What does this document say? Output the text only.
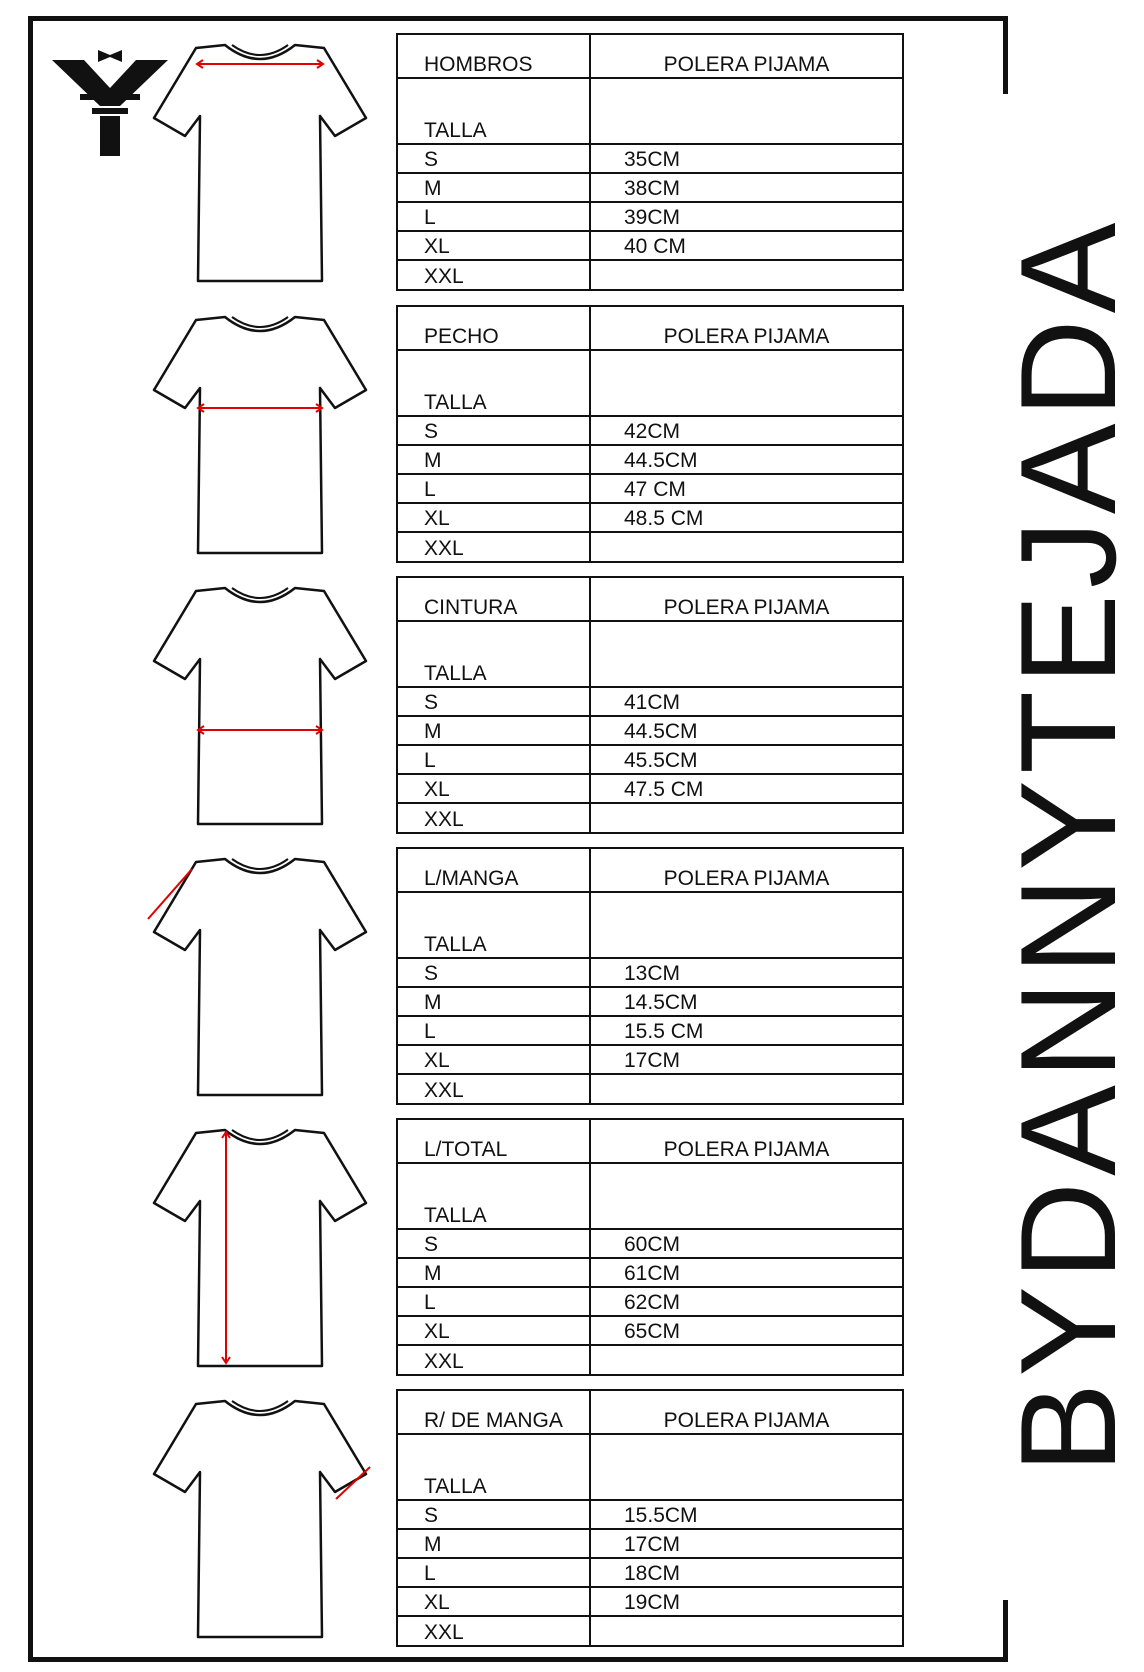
HOMBROS	POLERA PIJAMA
TALLA	
S	35CM
M	38CM
L	39CM
XL	40 CM
XXL	
PECHO	POLERA PIJAMA
TALLA	
S	42CM
M	44.5CM
L	47 CM
XL	48.5 CM
XXL	
CINTURA	POLERA PIJAMA
TALLA	
S	41CM
M	44.5CM
L	45.5CM
XL	47.5 CM
XXL	
L/MANGA	POLERA PIJAMA
TALLA	
S	13CM
M	14.5CM
L	15.5 CM
XL	17CM
XXL	
L/TOTAL	POLERA PIJAMA
TALLA	
S	60CM
M	61CM
L	62CM
XL	65CM
XXL	
R/ DE MANGA	POLERA PIJAMA
TALLA	
S	15.5CM
M	17CM
L	18CM
XL	19CM
XXL	
BYDANNYTEJADA
